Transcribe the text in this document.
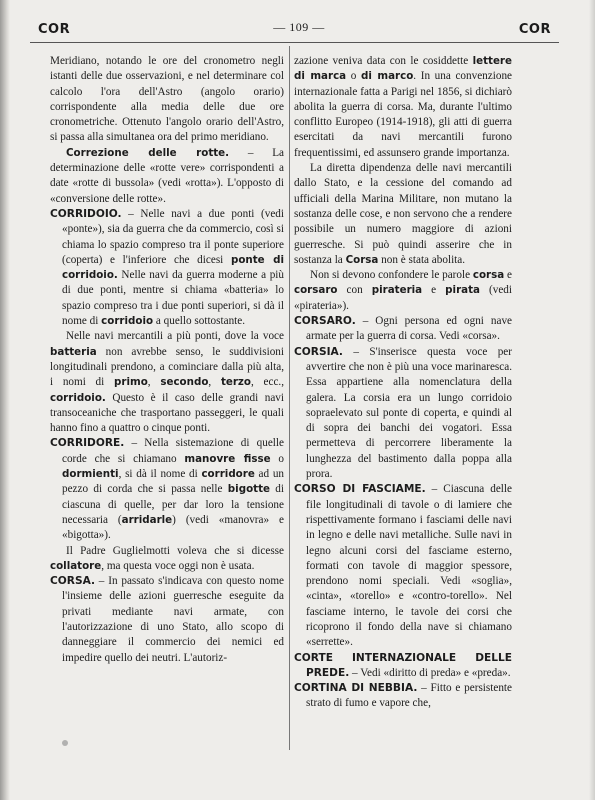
COR	— 109 —	COR

Meridiano, notando le ore del cronometro negli istanti delle due osservazioni, e nel determinare col calcolo l'ora dell'Astro (angolo orario) corrispondente alla media delle due ore cronometriche. Ottenuto l'angolo orario dell'Astro, si passa alla simultanea ora del primo meridiano.

Correzione delle rotte. – La determinazione delle «rotte vere» corrispondenti a date «rotte di bussola» (vedi «rotta»). L'opposto di «conversione delle rotte».

CORRIDOIO. – Nelle navi a due ponti (vedi «ponte»), sia da guerra che da commercio, così si chiama lo spazio compreso tra il ponte superiore (coperta) e l'inferiore che dicesi ponte di corridoio. Nelle navi da guerra moderne a più di due ponti, mentre si chiama «batteria» lo spazio compreso tra i due ponti superiori, si dà il nome di corridoio a quello sottostante.

Nelle navi mercantili a più ponti, dove la voce batteria non avrebbe senso, le suddivisioni longitudinali prendono, a cominciare dalla più alta, i nomi di primo, secondo, terzo, ecc., corridoio. Questo è il caso delle grandi navi transoceaniche che trasportano passeggeri, le quali hanno fino a quattro o cinque ponti.

CORRIDORE. – Nella sistemazione di quelle corde che si chiamano manovre fisse o dormienti, si dà il nome di corridore ad un pezzo di corda che si passa nelle bigotte di ciascuna di quelle, per dar loro la tensione necessaria (arridarle) (vedi «manovra» e «bigotta»).

Il Padre Guglielmotti voleva che si dicesse collatore, ma questa voce oggi non è usata.

CORSA. – In passato s'indicava con questo nome l'insieme delle azioni guerresche eseguite da privati mediante navi armate, con l'autorizzazione di uno Stato, allo scopo di danneggiare il commercio dei nemici ed impedire quello dei neutri. L'autoriz-

zazione veniva data con le cosiddette lettere di marca o di marco. In una convenzione internazionale fatta a Parigi nel 1856, si dichiarò abolita la guerra di corsa. Ma, durante l'ultimo conflitto Europeo (1914-1918), gli atti di guerra esercitati da navi mercantili furono frequentissimi, ed assunsero grande importanza.

La diretta dipendenza delle navi mercantili dallo Stato, e la cessione del comando ad ufficiali della Marina Militare, non mutano la sostanza delle cose, e non servono che a rendere possibile un numero maggiore di azioni guerresche. Si può quindi asserire che in sostanza la Corsa non è stata abolita.

Non si devono confondere le parole corsa e corsaro con pirateria e pirata (vedi «pirateria»).

CORSARO. – Ogni persona ed ogni nave armate per la guerra di corsa. Vedi «corsa».

CORSIA. – S'inserisce questa voce per avvertire che non è più una voce marinaresca. Essa appartiene alla nomenclatura della galera. La corsia era un lungo corridoio sopraelevato sul ponte di coperta, e quindi al di sopra dei banchi dei vogatori. Essa permetteva di percorrere liberamente la lunghezza del bastimento dalla poppa alla prora.

CORSO DI FASCIAME. – Ciascuna delle file longitudinali di tavole o di lamiere che rispettivamente formano i fasciami delle navi in legno e delle navi metalliche. Sulle navi in legno alcuni corsi del fasciame esterno, formati con tavole di maggior spessore, prendono nomi speciali. Vedi «soglia», «cinta», «torello» e «contro-torello». Nel fasciame interno, le tavole dei corsi che ricoprono il fondo della nave si chiamano «serrette».

CORTE INTERNAZIONALE DELLE PREDE. – Vedi «diritto di preda» e «preda».

CORTINA DI NEBBIA. – Fitto e persistente strato di fumo e vapore che,
